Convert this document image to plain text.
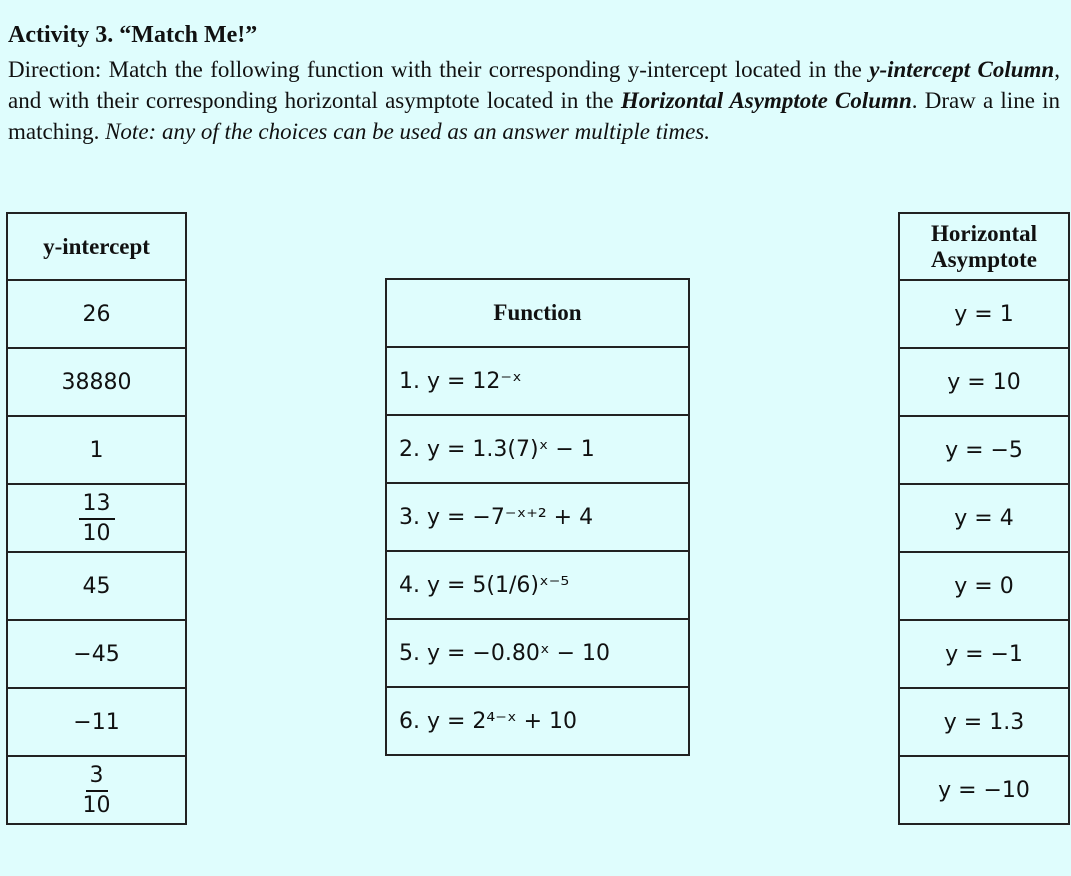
Activity 3. “Match Me!”

Direction: Match the following function with their corresponding y-intercept located in the y-intercept Column, and with their corresponding horizontal asymptote located in the Horizontal Asymptote Column. Draw a line in matching. Note: any of the choices can be used as an answer multiple times.

y-intercept
26
38880
1

$\frac{13}{10}$

45
−45
−11

$\frac{3}{10}$
Function
1. y = 12⁻ˣ
2. y = 1.3(7)ˣ − 1
3. y = −7⁻ˣ⁺² + 4
4. y = 5(1/6)ˣ⁻⁵
5. y = −0.80ˣ − 10
6. y = 2⁴⁻ˣ + 10
Horizontal
Asymptote
y = 1
y = 10
y = −5
y = 4
y = 0
y = −1
y = 1.3
y = −10
